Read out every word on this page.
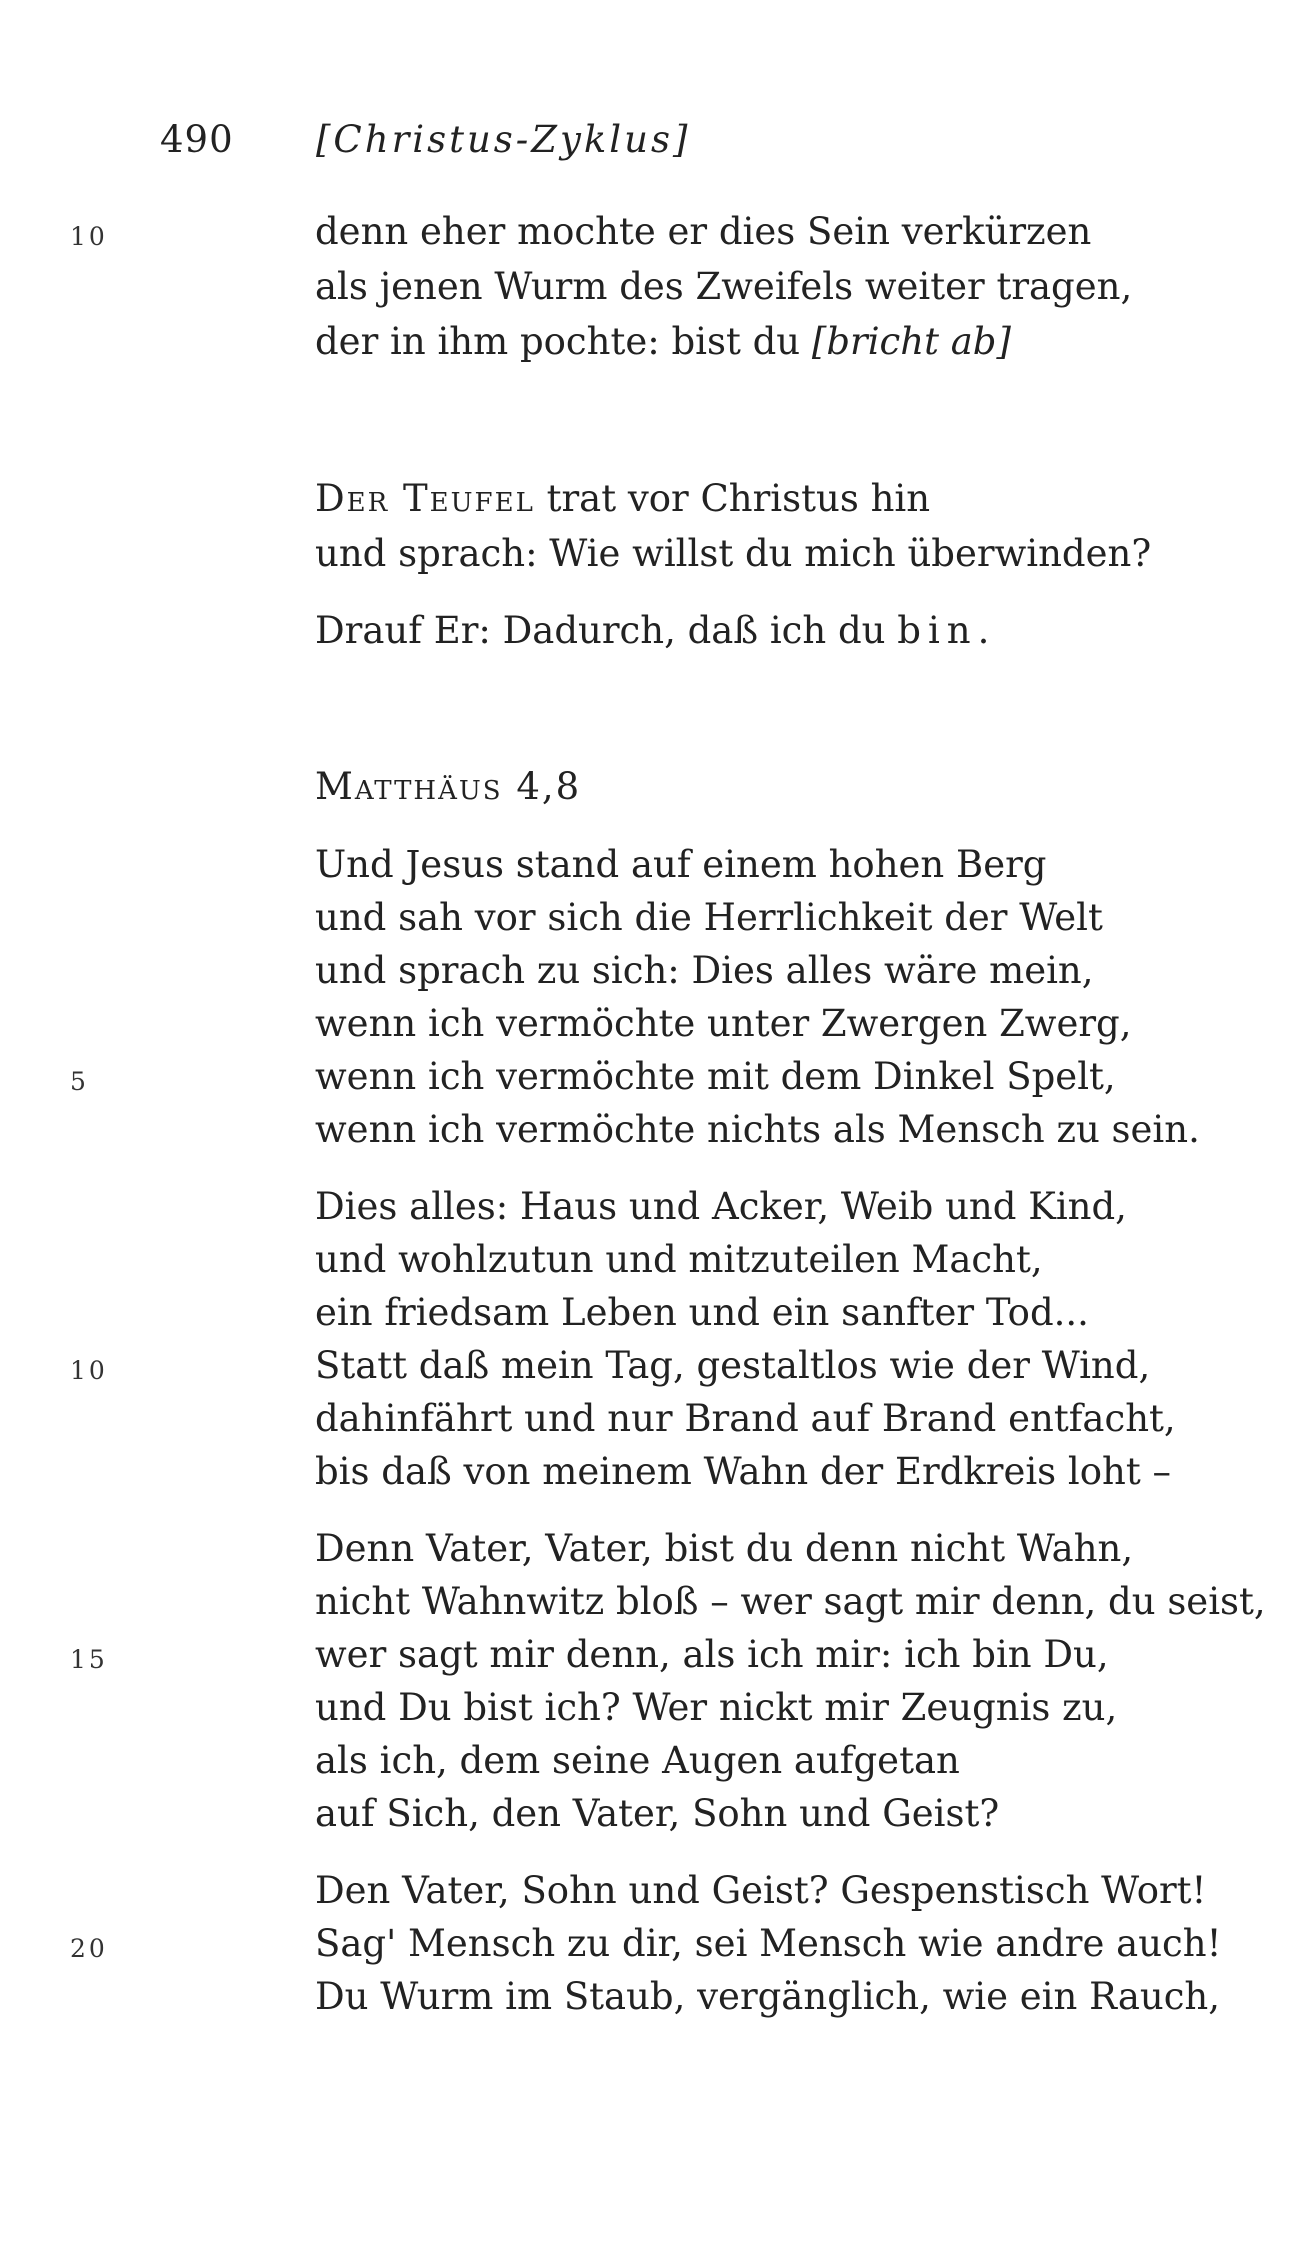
490 [Christus-Zyklus]
10	denn eher mochte er dies Sein verkürzen
als jenen Wurm des Zweifels weiter tragen,
der in ihm pochte: bist du [bricht ab]
Der Teufel trat vor Christus hin
und sprach: Wie willst du mich überwinden?
Drauf Er: Dadurch, daß ich du bin.
Matthäus 4,8
Und Jesus stand auf einem hohen Berg
und sah vor sich die Herrlichkeit der Welt
und sprach zu sich: Dies alles wäre mein,
wenn ich vermöchte unter Zwergen Zwerg,
5	wenn ich vermöchte mit dem Dinkel Spelt,
wenn ich vermöchte nichts als Mensch zu sein.
Dies alles: Haus und Acker, Weib und Kind,
und wohlzutun und mitzuteilen Macht,
ein friedsam Leben und ein sanfter Tod...
10	Statt daß mein Tag, gestaltlos wie der Wind,
dahinfährt und nur Brand auf Brand entfacht,
bis daß von meinem Wahn der Erdkreis loht –
Denn Vater, Vater, bist du denn nicht Wahn,
nicht Wahnwitz bloß – wer sagt mir denn, du seist,
15	wer sagt mir denn, als ich mir: ich bin Du,
und Du bist ich? Wer nickt mir Zeugnis zu,
als ich, dem seine Augen aufgetan
auf Sich, den Vater, Sohn und Geist?
Den Vater, Sohn und Geist? Gespenstisch Wort!
20	Sag' Mensch zu dir, sei Mensch wie andre auch!
Du Wurm im Staub, vergänglich, wie ein Rauch,
